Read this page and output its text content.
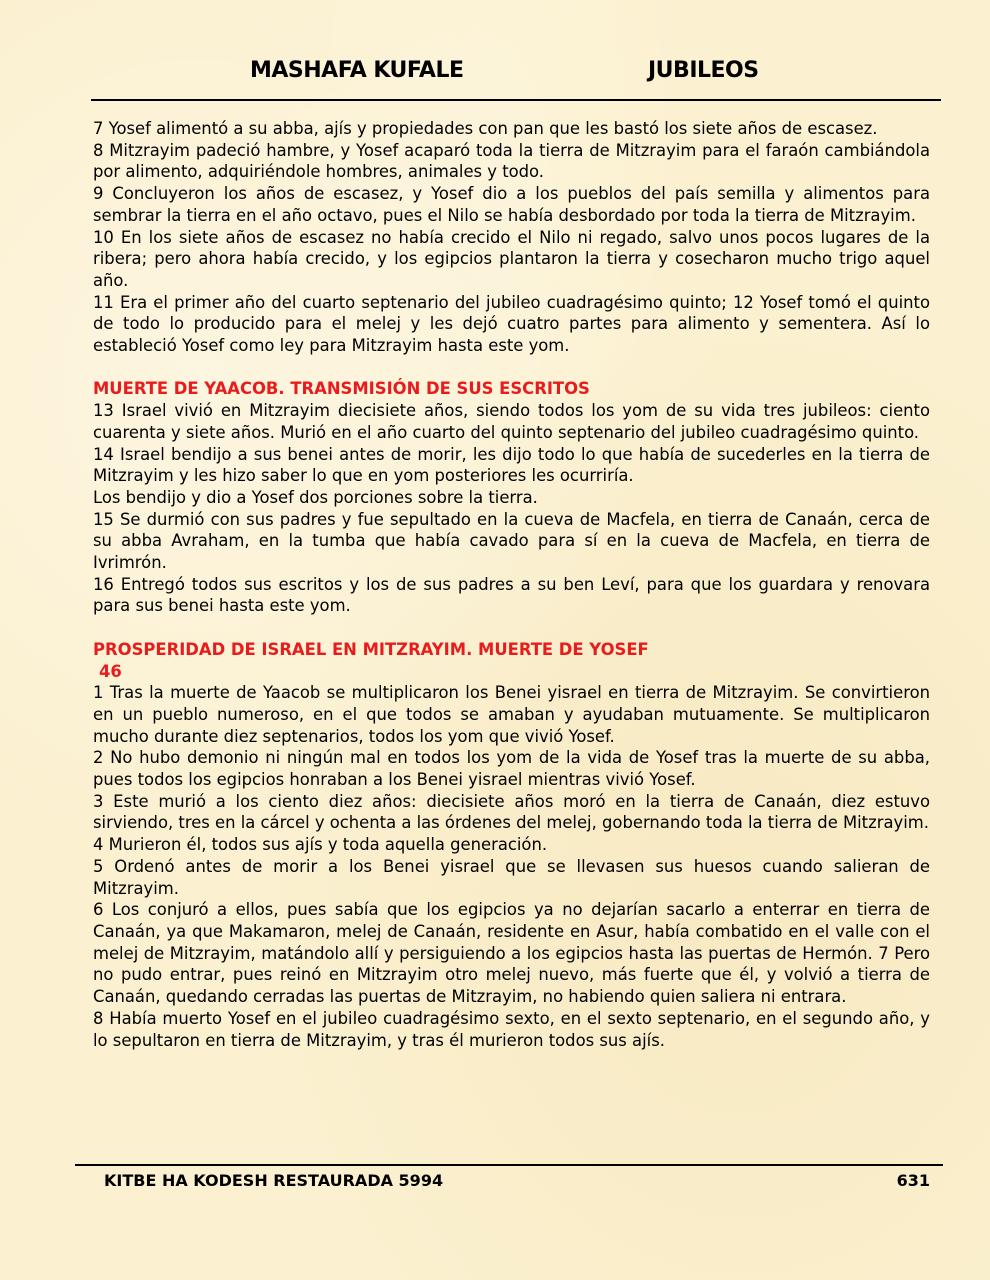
MASHAFA KUFALE	JUBILEOS

7 Yosef alimentó a su abba, ajís y propiedades con pan que les bastó los siete años de escasez.

8 Mitzrayim padeció hambre, y Yosef acaparó toda la tierra de Mitzrayim para el faraón cambiándola por alimento, adquiriéndole hombres, animales y todo.

9 Concluyeron los años de escasez, y Yosef dio a los pueblos del país semilla y alimentos para sembrar la tierra en el año octavo, pues el Nilo se había desbordado por toda la tierra de Mitzrayim.

10 En los siete años de escasez no había crecido el Nilo ni regado, salvo unos pocos lugares de la ribera; pero ahora había crecido, y los egipcios plantaron la tierra y cosecharon mucho trigo aquel año.

11 Era el primer año del cuarto septenario del jubileo cuadragésimo quinto; 12 Yosef tomó el quinto de todo lo producido para el melej y les dejó cuatro partes para alimento y sementera. Así lo estableció Yosef como ley para Mitzrayim hasta este yom.

MUERTE DE YAACOB. TRANSMISIÓN DE SUS ESCRITOS

13 Israel vivió en Mitzrayim diecisiete años, siendo todos los yom de su vida tres jubileos: ciento cuarenta y siete años. Murió en el año cuarto del quinto septenario del jubileo cuadragésimo quinto.

14 Israel bendijo a sus benei antes de morir, les dijo todo lo que había de sucederles en la tierra de Mitzrayim y les hizo saber lo que en yom posteriores les ocurriría.

Los bendijo y dio a Yosef dos porciones sobre la tierra.

15 Se durmió con sus padres y fue sepultado en la cueva de Macfela, en tierra de Canaán, cerca de su abba Avraham, en la tumba que había cavado para sí en la cueva de Macfela, en tierra de Ivrimrón.

16 Entregó todos sus escritos y los de sus padres a su ben Leví, para que los guardara y renovara para sus benei hasta este yom.

PROSPERIDAD DE ISRAEL EN MITZRAYIM. MUERTE DE YOSEF

46

1 Tras la muerte de Yaacob se multiplicaron los Benei yisrael en tierra de Mitzrayim. Se convirtieron en un pueblo numeroso, en el que todos se amaban y ayudaban mutuamente. Se multiplicaron mucho durante diez septenarios, todos los yom que vivió Yosef.

2 No hubo demonio ni ningún mal en todos los yom de la vida de Yosef tras la muerte de su abba, pues todos los egipcios honraban a los Benei yisrael mientras vivió Yosef.

3 Este murió a los ciento diez años: diecisiete años moró en la tierra de Canaán, diez estuvo sirviendo, tres en la cárcel y ochenta a las órdenes del melej, gobernando toda la tierra de Mitzrayim.

4 Murieron él, todos sus ajís y toda aquella generación.

5 Ordenó antes de morir a los Benei yisrael que se llevasen sus huesos cuando salieran de Mitzrayim.

6 Los conjuró a ellos, pues sabía que los egipcios ya no dejarían sacarlo a enterrar en tierra de Canaán, ya que Makamaron, melej de Canaán, residente en Asur, había combatido en el valle con el melej de Mitzrayim, matándolo allí y persiguiendo a los egipcios hasta las puertas de Hermón. 7 Pero no pudo entrar, pues reinó en Mitzrayim otro melej nuevo, más fuerte que él, y volvió a tierra de Canaán, quedando cerradas las puertas de Mitzrayim, no habiendo quien saliera ni entrara.

8 Había muerto Yosef en el jubileo cuadragésimo sexto, en el sexto septenario, en el segundo año, y lo sepultaron en tierra de Mitzrayim, y tras él murieron todos sus ajís.

KITBE HA KODESH RESTAURADA 5994	631
